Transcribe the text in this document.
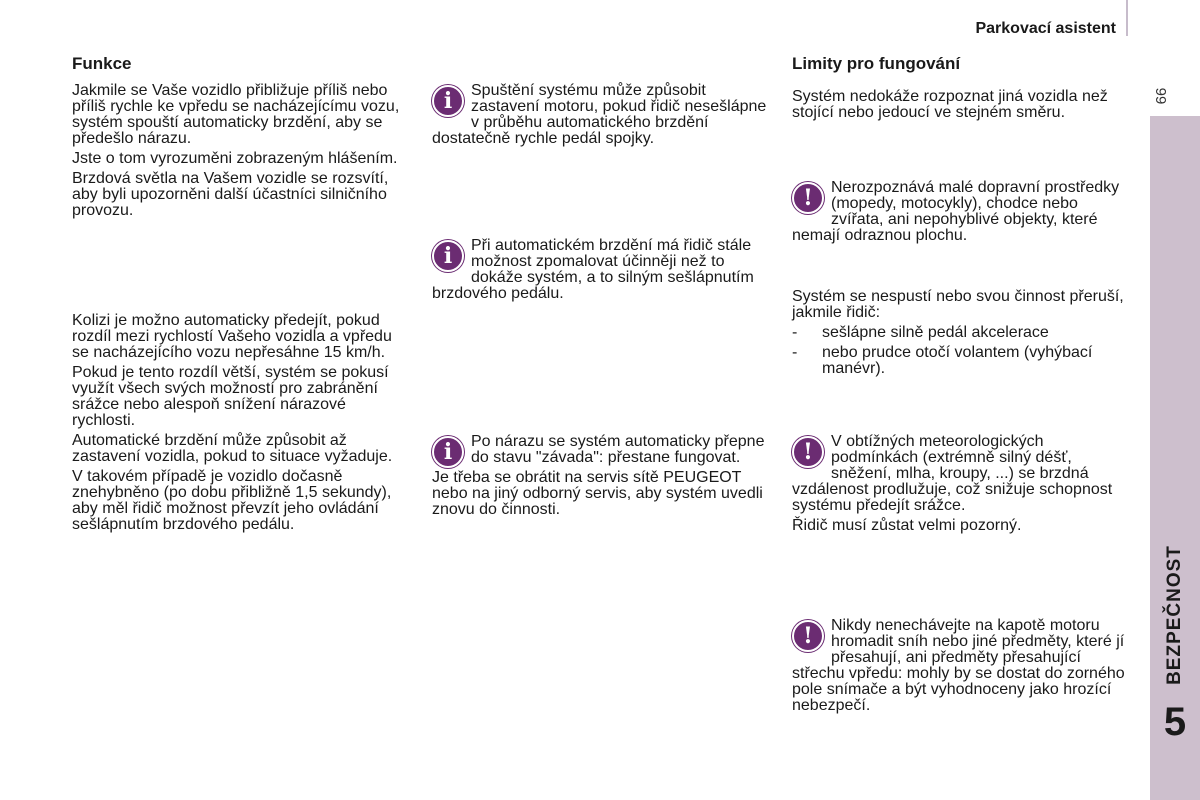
Parkovací asistent
99
BEZPEČNOST
5
Funkce

Jakmile se Vaše vozidlo přibližuje příliš nebo příliš rychle ke vpředu se nacházejícímu vozu, systém spouští automaticky brzdění, aby se předešlo nárazu.

Jste o tom vyrozuměni zobrazeným hlášením.

Brzdová světla na Vašem vozidle se rozsvítí, aby byli upozorněni další účastníci silničního provozu.

Kolizi je možno automaticky předejít, pokud rozdíl mezi rychlostí Vašeho vozidla a vpředu se nacházejícího vozu nepřesáhne 15 km/h.

Pokud je tento rozdíl větší, systém se pokusí využít všech svých možností pro zabránění srážce nebo alespoň snížení nárazové rychlosti.

Automatické brzdění může způsobit až zastavení vozidla, pokud to situace vyžaduje.

V takovém případě je vozidlo dočasně znehybněno (po dobu přibližně 1,5 sekundy), aby měl řidič možnost převzít jeho ovládání sešlápnutím brzdového pedálu.

i	Spuštění systému může způsobit zastavení motoru, pokud řidič nesešlápne v průběhu automatického brzdění dostatečně rychle pedál spojky.

i	Při automatickém brzdění má řidič stále možnost zpomalovat účinněji než to dokáže systém, a to silným sešlápnutím brzdového pedálu.

i	Po nárazu se systém automaticky přepne do stavu "závada": přestane fungovat.

Je třeba se obrátit na servis sítě PEUGEOT nebo na jiný odborný servis, aby systém uvedli znovu do činnosti.

Limity pro fungování

Systém nedokáže rozpoznat jiná vozidla než stojící nebo jedoucí ve stejném směru.

!	Nerozpoznává malé dopravní prostředky (mopedy, motocykly), chodce nebo zvířata, ani nepohyblivé objekty, které nemají odraznou plochu.

Systém se nespustí nebo svou činnost přeruší, jakmile řidič:

- sešlápne silně pedál akcelerace
- nebo prudce otočí volantem (vyhýbací manévr).
!	V obtížných meteorologických podmínkách (extrémně silný déšť, sněžení, mlha, kroupy, ...) se brzdná vzdálenost prodlužuje, což snižuje schopnost systému předejít srážce.

Řidič musí zůstat velmi pozorný.

!	Nikdy nenechávejte na kapotě motoru hromadit sníh nebo jiné předměty, které jí přesahují, ani předměty přesahující střechu vpředu: mohly by se dostat do zorného pole snímače a být vyhodnoceny jako hrozící nebezpečí.
